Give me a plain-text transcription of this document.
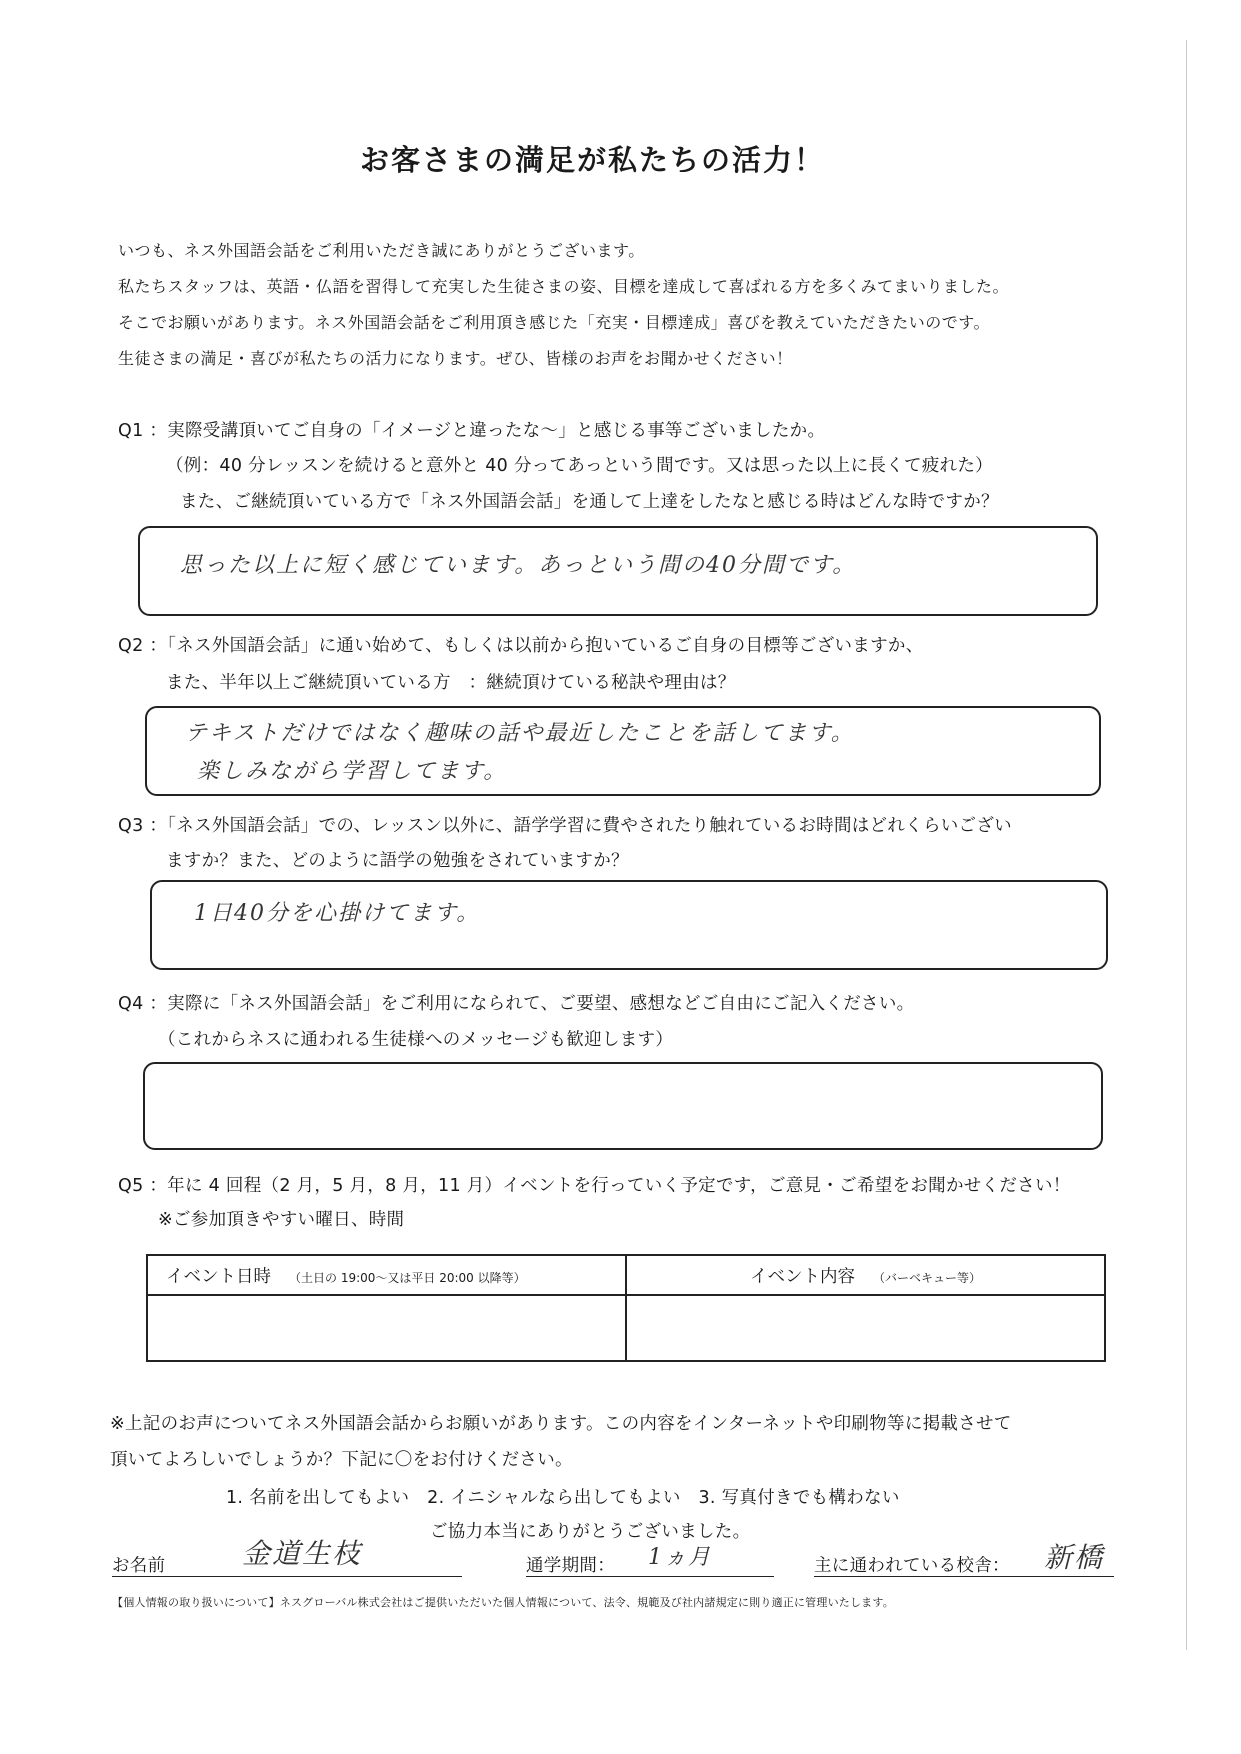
お客さまの満足が私たちの活力！
いつも、ネス外国語会話をご利用いただき誠にありがとうございます。
私たちスタッフは、英語・仏語を習得して充実した生徒さまの姿、目標を達成して喜ばれる方を多くみてまいりました。
そこでお願いがあります。ネス外国語会話をご利用頂き感じた「充実・目標達成」喜びを教えていただきたいのです。
生徒さまの満足・喜びが私たちの活力になります。ぜひ、皆様のお声をお聞かせください！
Q1 ：実際受講頂いてご自身の「イメージと違ったな～」と感じる事等ございましたか。
（例：40 分レッスンを続けると意外と 40 分ってあっという間です。又は思った以上に長くて疲れた）
また、ご継続頂いている方で「ネス外国語会話」を通して上達をしたなと感じる時はどんな時ですか？
思った以上に短く感じています。あっという間の40分間です。
Q2 ：「ネス外国語会話」に通い始めて、もしくは以前から抱いているご自身の目標等ございますか、
また、半年以上ご継続頂いている方　：継続頂けている秘訣や理由は？
テキストだけではなく趣味の話や最近したことを話してます。
楽しみながら学習してます。
Q3 ：「ネス外国語会話」での、レッスン以外に、語学学習に費やされたり触れているお時間はどれくらいござい
ますか？また、どのように語学の勉強をされていますか？
1日40分を心掛けてます。
Q4 ：実際に「ネス外国語会話」をご利用になられて、ご要望、感想などご自由にご記入ください。
（これからネスに通われる生徒様へのメッセージも歓迎します）
Q5 ：年に 4 回程（2 月，5 月，8 月，11 月）イベントを行っていく予定です，ご意見・ご希望をお聞かせください！
※ご参加頂きやすい曜日、時間
イベント日時 （土日の 19:00～又は平日 20:00 以降等）	イベント内容 （バーベキュー等）

※上記のお声についてネス外国語会話からお願いがあります。この内容をインターネットや印刷物等に掲載させて
頂いてよろしいでしょうか？下記に〇をお付けください。
1. 名前を出してもよい　2. イニシャルなら出してもよい　3. 写真付きでも構わない
ご協力本当にありがとうございました。
お名前	金道生枝	通学期間： 1ヵ月	主に通われている校舎： 新橋
【個人情報の取り扱いについて】ネスグローバル株式会社はご提供いただいた個人情報について、法令、規範及び社内諸規定に則り適正に管理いたします。
